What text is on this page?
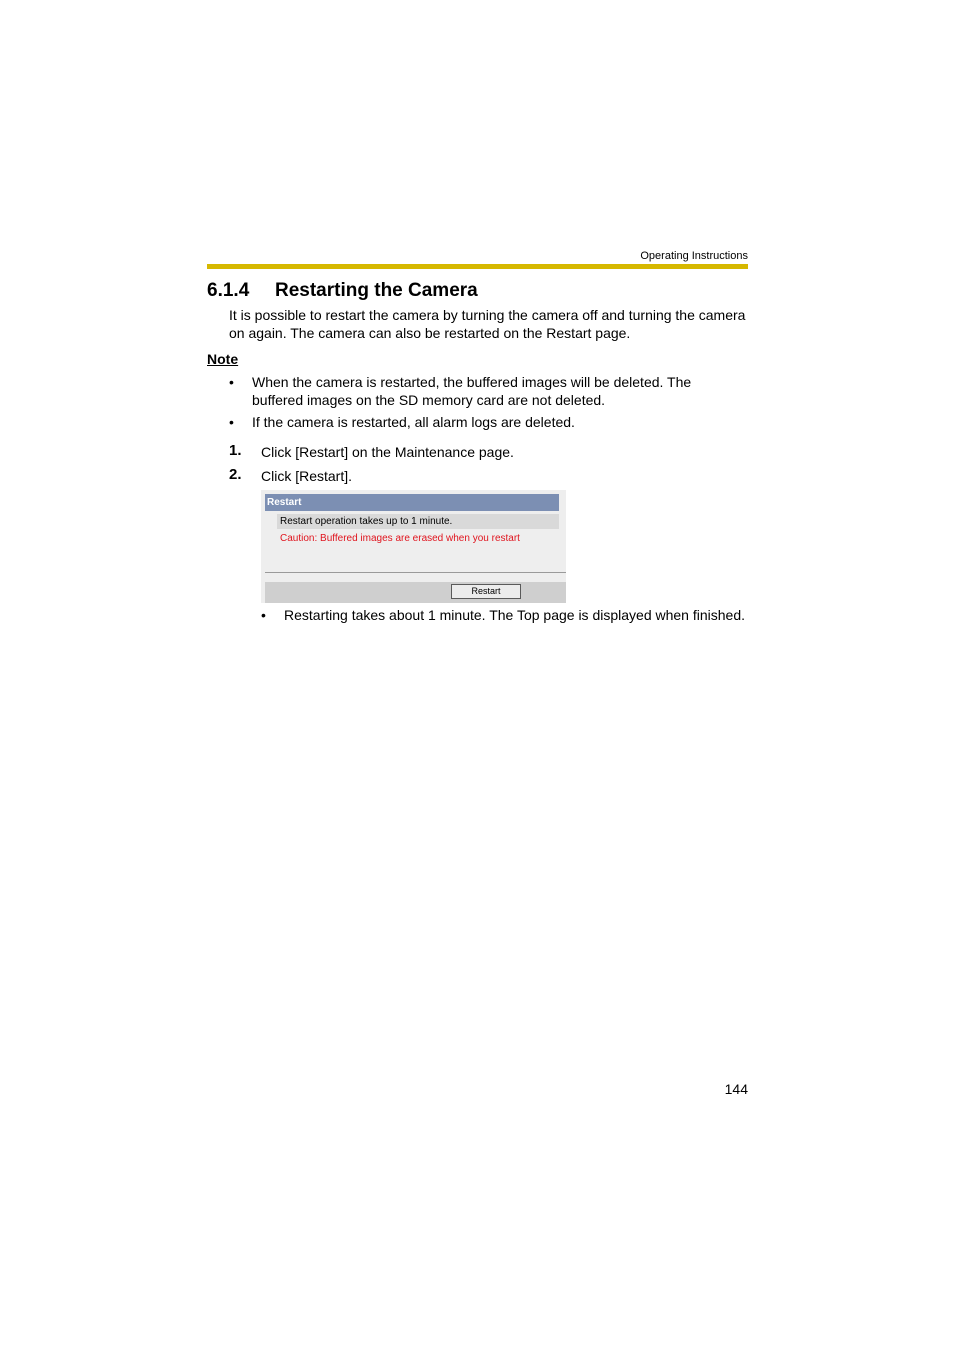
Operating Instructions
6.1.4 Restarting the Camera
It is possible to restart the camera by turning the camera off and turning the camera
on again. The camera can also be restarted on the Restart page.
Note
• When the camera is restarted, the buffered images will be deleted. The
buffered images on the SD memory card are not deleted.
• If the camera is restarted, all alarm logs are deleted.
1. Click [Restart] on the Maintenance page.
2. Click [Restart].
Restart
Restart operation takes up to 1 minute.
Caution: Buffered images are erased when you restart
Restart
• Restarting takes about 1 minute. The Top page is displayed when finished.
144
